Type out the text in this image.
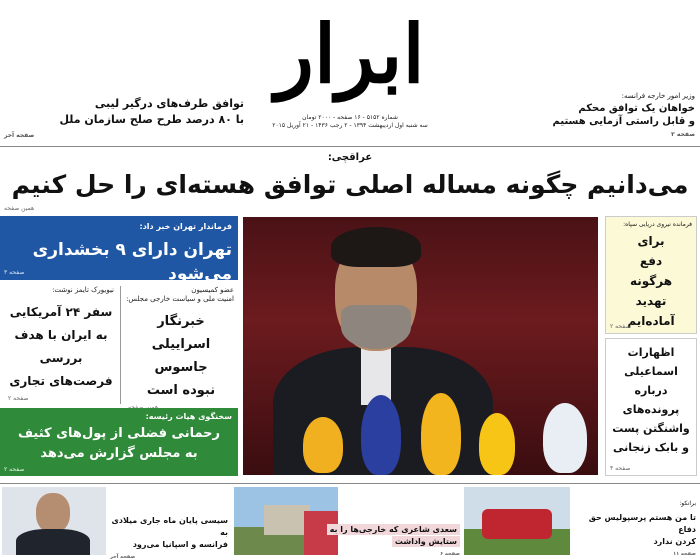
ابرار
شماره ۵۱۵۲ - ۱۶ صفحه - ۲۰۰۰ تومان
سه شنبه اول اردیبهشت ۱۳۹۴ - ۲ رجب ۱۴۳۶ - ۲۱ آوریل ۲۰۱۵
توافق طرف‌های درگیر لیبی
با ۸۰ درصد طرح صلح سازمان ملل
صفحه آخر
وزیر امور خارجه فرانسه:
خواهان یک توافق محکم
و قابل راستی آزمایی هستیم
صفحه ۲
عراقچی:
می‌دانیم چگونه مساله اصلی توافق هسته‌ای را حل کنیم
همین صفحه
فرماندار تهران خبر داد:
تهران دارای ۹ بخشداری می‌شود
صفحه ۳
عضو کمیسیون
امنیت ملی و سیاست خارجی مجلس:
خبرنگار
اسراییلی
جاسوس
نبوده است
نیویورک تایمز نوشت:
سفر ۲۴ آمریکایی
به ایران با هدف
بررسی
فرصت‌های تجاری
صفحه ۲
سخنگوی هیات رئیسه:
رحمانی فضلی از پول‌های کثیف
به مجلس گزارش می‌دهد
صفحه ۲
فرمانده نیروی دریایی سپاه:
برای
دفع
هرگونه
تهدید
آماده‌ایم
صفحه ۲
اظهارات
اسماعیلی
درباره
پرونده‌های
واشنگتن پست
و بابک زنجانی
صفحه ۴
سیسی پایان ماه جاری میلادی به
فرانسه و اسپانیا می‌رود
صفحه آخر
سعدی شاعری که خارجی‌ها را به
ستایش واداشت
صفحه ۶
برانکو:
تا من هستم پرسپولیس حق دفاع
کردن ندارد
صفحه ۱۱
